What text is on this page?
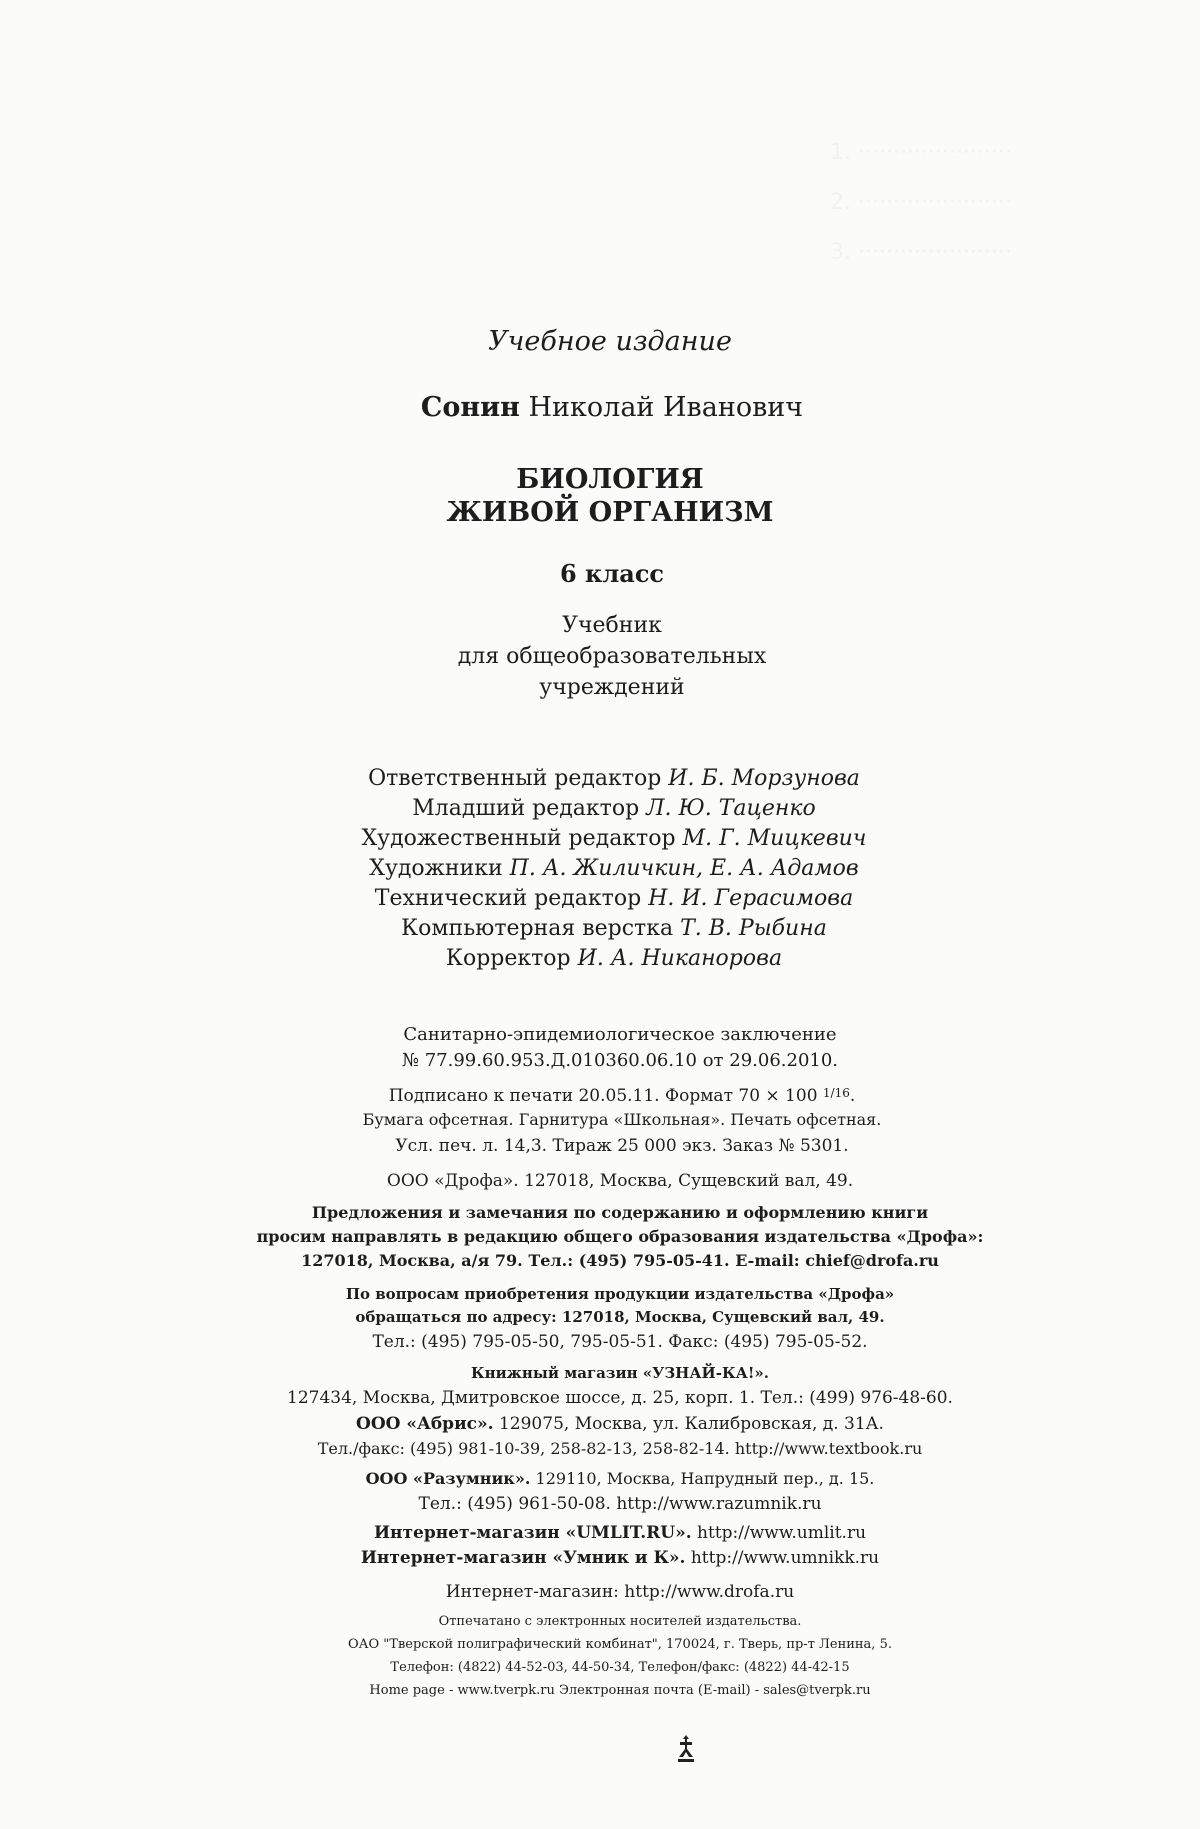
Учебное издание
Сонин Николай Иванович
БИОЛОГИЯ
ЖИВОЙ ОРГАНИЗМ
6 класс
Учебник
для общеобразовательных
учреждений
Ответственный редактор И. Б. Морзунова
Младший редактор Л. Ю. Таценко
Художественный редактор М. Г. Мицкевич
Художники П. А. Жиличкин, Е. А. Адамов
Технический редактор Н. И. Герасимова
Компьютерная верстка Т. В. Рыбина
Корректор И. А. Никанорова
Санитарно-эпидемиологическое заключение
№ 77.99.60.953.Д.010360.06.10 от 29.06.2010.
Подписано к печати 20.05.11. Формат 70 × 100 $^{1/16}$.
Бумага офсетная. Гарнитура «Школьная». Печать офсетная.
Усл. печ. л. 14,3. Тираж 25 000 экз. Заказ № 5301.
ООО «Дрофа». 127018, Москва, Сущевский вал, 49.
Предложения и замечания по содержанию и оформлению книги
просим направлять в редакцию общего образования издательства «Дрофа»:
127018, Москва, а/я 79. Тел.: (495) 795-05-41. E-mail: chief@drofa.ru
По вопросам приобретения продукции издательства «Дрофа»
обращаться по адресу: 127018, Москва, Сущевский вал, 49.
Тел.: (495) 795-05-50, 795-05-51. Факс: (495) 795-05-52.
Книжный магазин «УЗНАЙ-КА!».
127434, Москва, Дмитровское шоссе, д. 25, корп. 1. Тел.: (499) 976-48-60.
ООО «Абрис». 129075, Москва, ул. Калибровская, д. 31А.
Тел./факс: (495) 981-10-39, 258-82-13, 258-82-14. http://www.textbook.ru
ООО «Разумник». 129110, Москва, Напрудный пер., д. 15.
Тел.: (495) 961-50-08. http://www.razumnik.ru
Интернет-магазин «UMLIT.RU». http://www.umlit.ru
Интернет-магазин «Умник и К». http://www.umnikk.ru
Интернет-магазин: http://www.drofa.ru
Отпечатано с электронных носителей издательства.
ОАО "Тверской полиграфический комбинат", 170024, г. Тверь, пр-т Ленина, 5.
Телефон: (4822) 44-52-03, 44-50-34, Телефон/факс: (4822) 44-42-15
Home page - www.tverpk.ru Электронная почта (E-mail) - sales@tverpk.ru
